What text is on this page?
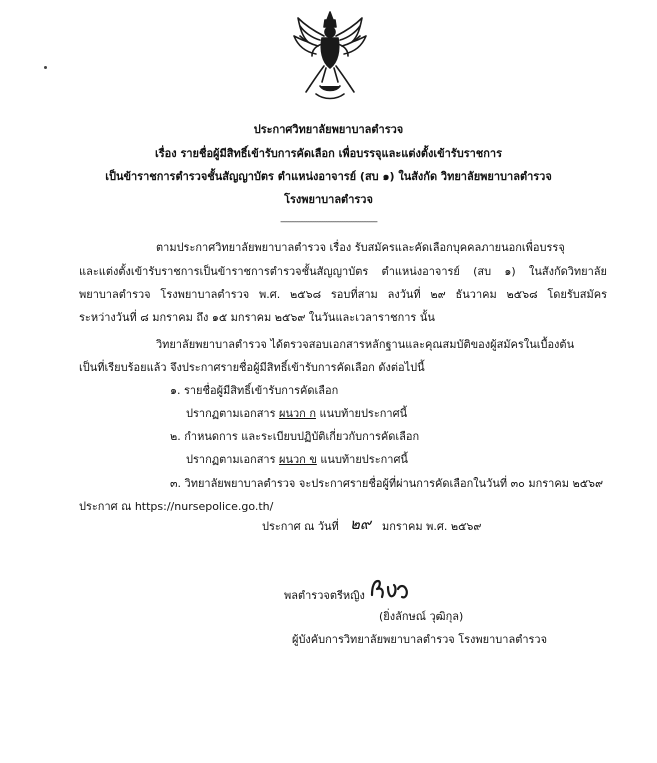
ประกาศวิทยาลัยพยาบาลตำรวจ
เรื่อง รายชื่อผู้มีสิทธิ์เข้ารับการคัดเลือก เพื่อบรรจุและแต่งตั้งเข้ารับราชการ
เป็นข้าราชการตำรวจชั้นสัญญาบัตร ตำแหน่งอาจารย์ (สบ ๑) ในสังกัด วิทยาลัยพยาบาลตำรวจ
โรงพยาบาลตำรวจ
-------------------------------------------
ตามประกาศวิทยาลัยพยาบาลตำรวจ เรื่อง รับสมัครและคัดเลือกบุคคลภายนอกเพื่อบรรจุ
และแต่งตั้งเข้ารับราชการเป็นข้าราชการตำรวจชั้นสัญญาบัตร ตำแหน่งอาจารย์ (สบ ๑) ในสังกัดวิทยาลัย
พยาบาลตำรวจ โรงพยาบาลตำรวจ พ.ศ. ๒๕๖๘ รอบที่สาม ลงวันที่ ๒๙ ธันวาคม ๒๕๖๘ โดยรับสมัคร
ระหว่างวันที่ ๘ มกราคม ถึง ๑๕ มกราคม ๒๕๖๙ ในวันและเวลาราชการ นั้น
วิทยาลัยพยาบาลตำรวจ ได้ตรวจสอบเอกสารหลักฐานและคุณสมบัติของผู้สมัครในเบื้องต้น
เป็นที่เรียบร้อยแล้ว จึงประกาศรายชื่อผู้มีสิทธิ์เข้ารับการคัดเลือก ดังต่อไปนี้
๑. รายชื่อผู้มีสิทธิ์เข้ารับการคัดเลือก
ปรากฏตามเอกสาร ผนวก ก แนบท้ายประกาศนี้
๒. กำหนดการ และระเบียบปฏิบัติเกี่ยวกับการคัดเลือก
ปรากฏตามเอกสาร ผนวก ข แนบท้ายประกาศนี้
๓. วิทยาลัยพยาบาลตำรวจ จะประกาศรายชื่อผู้ที่ผ่านการคัดเลือกในวันที่ ๓๐ มกราคม ๒๕๖๙
ประกาศ ณ https://nursepolice.go.th/
ประกาศ ณ วันที่ ๒๙ มกราคม พ.ศ. ๒๕๖๙
พลตำรวจตรีหญิง
(ยิ่งลักษณ์ วุฒิกุล)
ผู้บังคับการวิทยาลัยพยาบาลตำรวจ โรงพยาบาลตำรวจ
